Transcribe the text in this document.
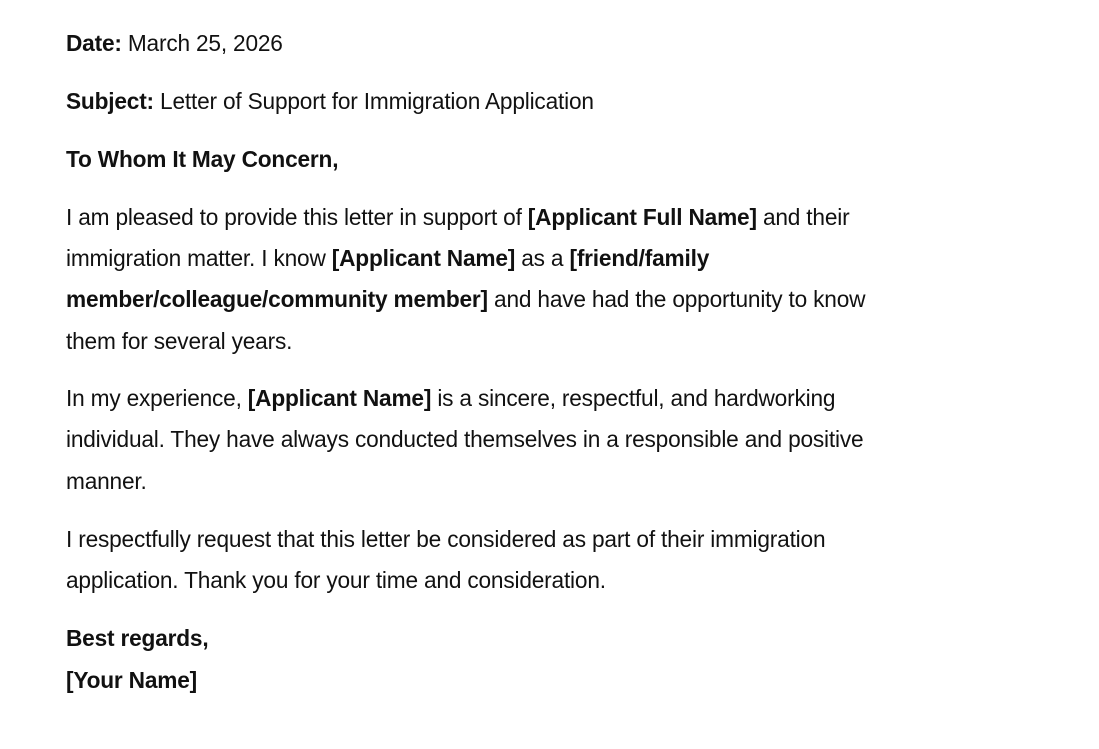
Date: March 25, 2026
Subject: Letter of Support for Immigration Application
To Whom It May Concern,
I am pleased to provide this letter in support of [Applicant Full Name] and their
immigration matter. I know [Applicant Name] as a [friend/family
member/colleague/community member] and have had the opportunity to know
them for several years.
In my experience, [Applicant Name] is a sincere, respectful, and hardworking
individual. They have always conducted themselves in a responsible and positive
manner.
I respectfully request that this letter be considered as part of their immigration
application. Thank you for your time and consideration.
Best regards,
[Your Name]
